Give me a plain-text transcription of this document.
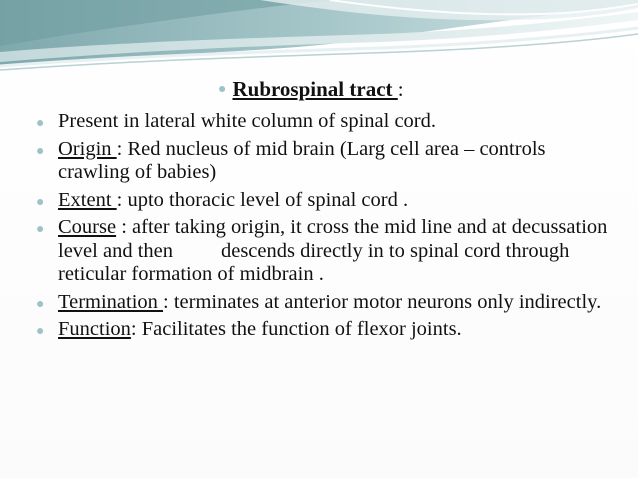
● Rubrospinal tract :
● Present in lateral white column of spinal cord.
● Origin : Red nucleus of mid brain (Larg cell area – controls crawling of babies)
● Extent : upto thoracic level of spinal cord .
● Course : after taking origin, it cross the mid line and at decussation level and then descends directly in to spinal cord through reticular formation of midbrain .
● Termination : terminates at anterior motor neurons only indirectly.
● Function: Facilitates the function of flexor joints.
